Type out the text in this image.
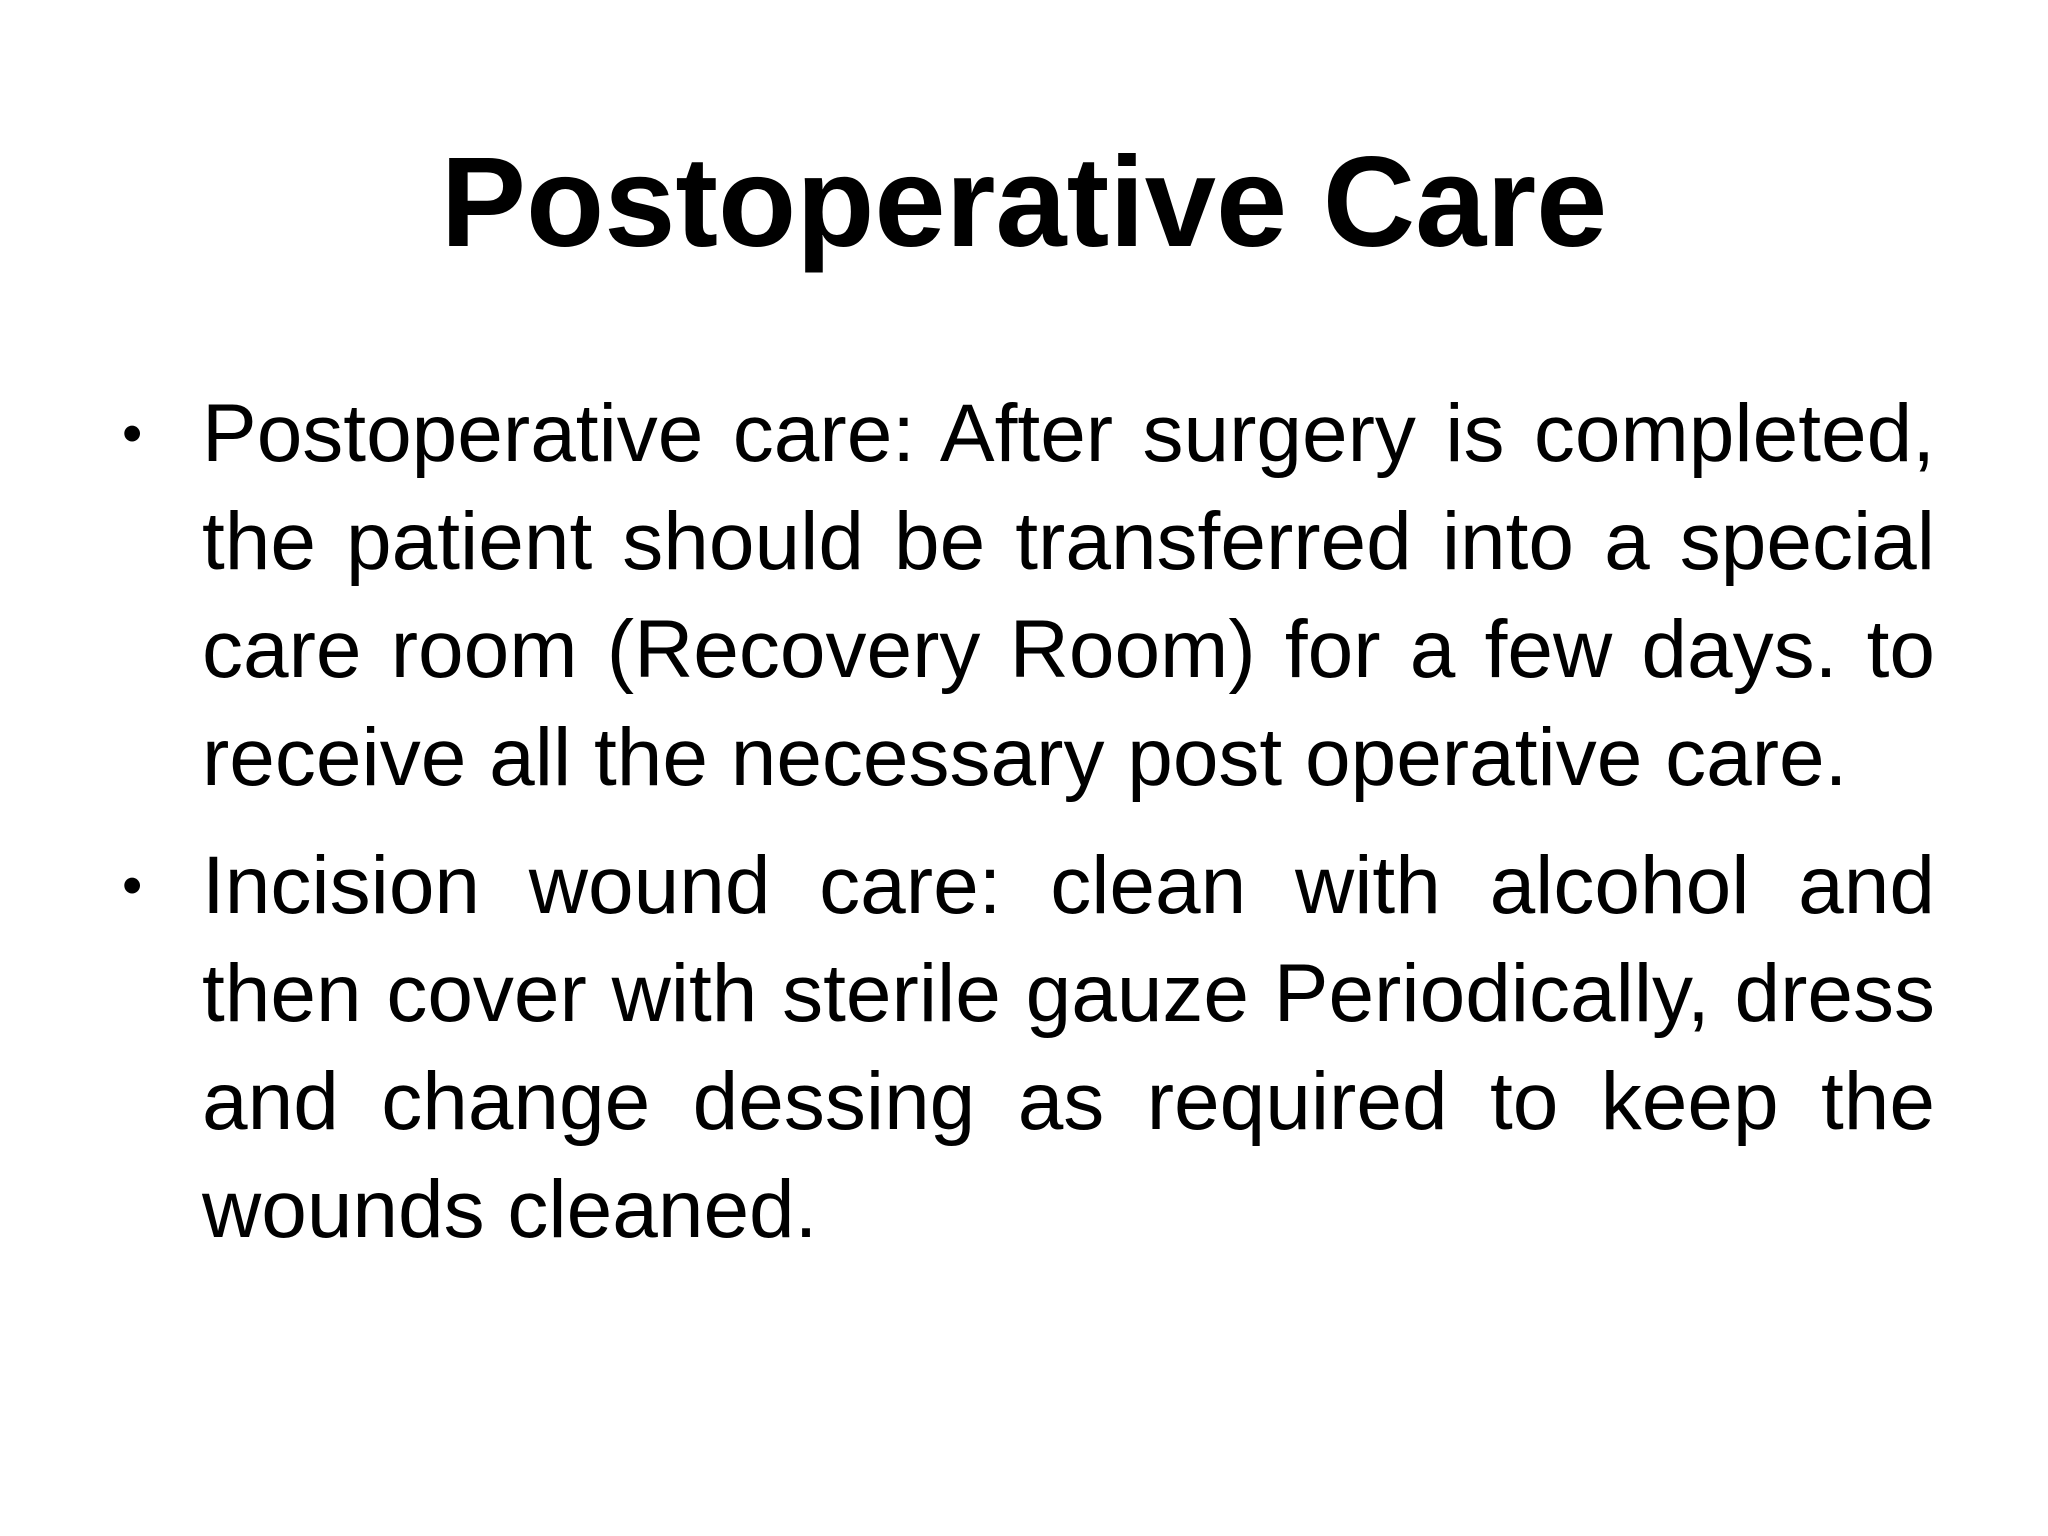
Postoperative Care
• Postoperative care: After surgery is completed, the patient should be transferred into a special care room (Recovery Room) for a few days. to receive all the necessary post operative care.
• Incision wound care: clean with alcohol and then cover with sterile gauze Periodically, dress and change dessing as required to keep the wounds cleaned.
